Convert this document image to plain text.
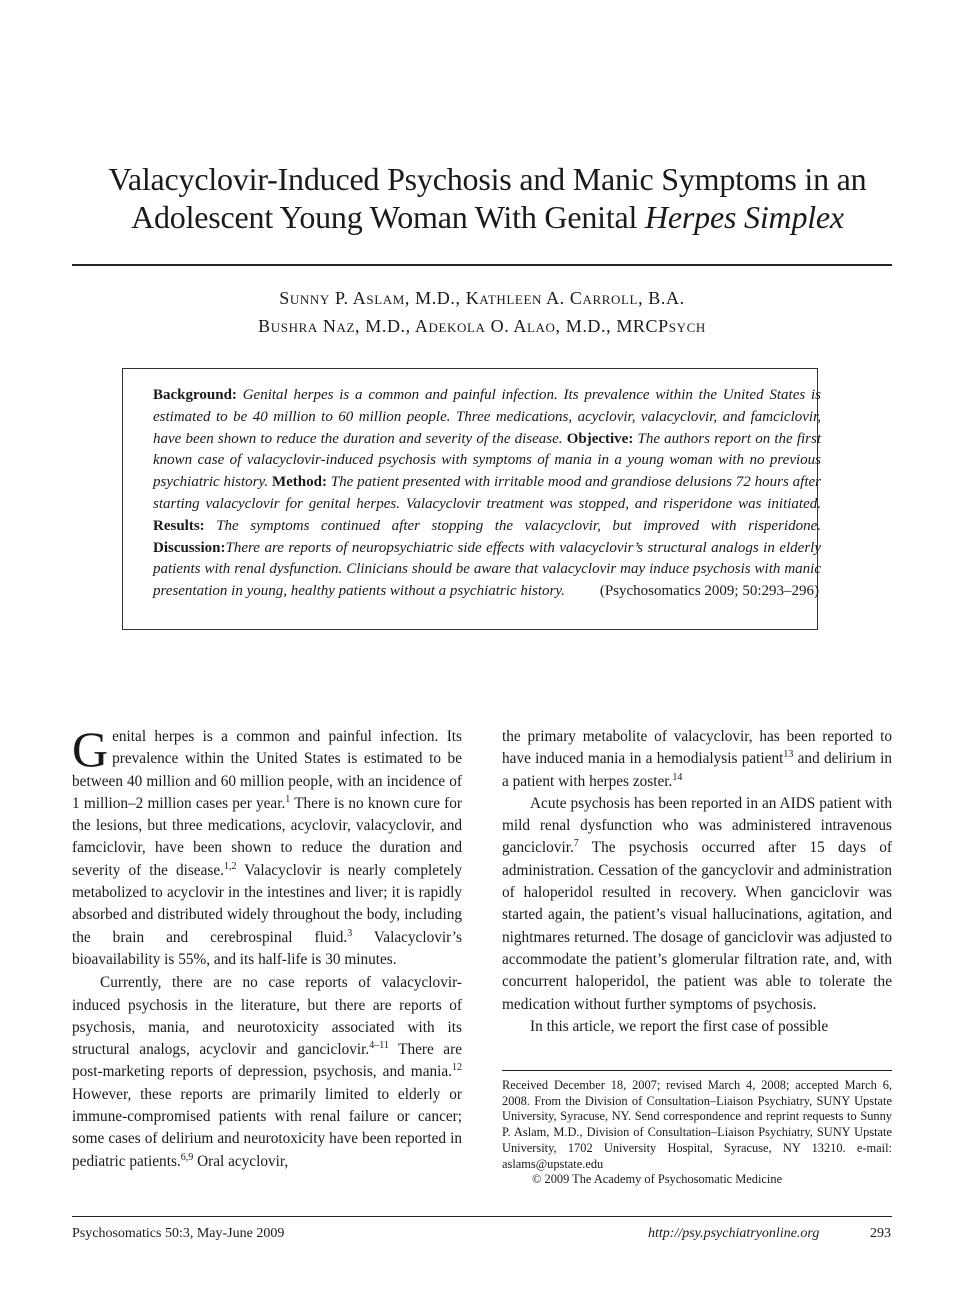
Valacyclovir-Induced Psychosis and Manic Symptoms in an
Adolescent Young Woman With Genital Herpes Simplex
Sunny P. Aslam, M.D., Kathleen A. Carroll, B.A.
Bushra Naz, M.D., Adekola O. Alao, M.D., MRCPsych

Background: Genital herpes is a common and painful infection. Its prevalence within the United States is estimated to be 40 million to 60 million people. Three medications, acyclovir, valacyclovir, and famciclovir, have been shown to reduce the duration and severity of the disease. Objective: The authors report on the first known case of valacyclovir-induced psychosis with symptoms of mania in a young woman with no previous psychiatric history. Method: The patient presented with irritable mood and grandiose delusions 72 hours after starting valacyclovir for genital herpes. Valacyclovir treatment was stopped, and risperidone was initiated. Results: The symptoms continued after stopping the valacyclovir, but improved with risperidone. Discussion:There are reports of neuropsychiatric side effects with valacyclovir’s structural analogs in elderly patients with renal dysfunction. Clinicians should be aware that valacyclovir may induce psychosis with manic presentation in young, healthy patients without a psychiatric history. (Psychosomatics 2009; 50:293–296)

Genital herpes is a common and painful infection. Its prevalence within the United States is estimated to be between 40 million and 60 million people, with an incidence of 1 million–2 million cases per year.$^1$ There is no known cure for the lesions, but three medications, acyclovir, valacyclovir, and famciclovir, have been shown to reduce the duration and severity of the disease.$^{1,2}$ Valacyclovir is nearly completely metabolized to acyclovir in the intestines and liver; it is rapidly absorbed and distributed widely throughout the body, including the brain and cerebrospinal fluid.$^3$ Valacyclovir’s bioavailability is 55%, and its half-life is 30 minutes.

Currently, there are no case reports of valacyclovir-induced psychosis in the literature, but there are reports of psychosis, mania, and neurotoxicity associated with its structural analogs, acyclovir and ganciclovir.$^{4-11}$ There are post-marketing reports of depression, psychosis, and mania.$^{12}$ However, these reports are primarily limited to elderly or immune-compromised patients with renal failure or cancer; some cases of delirium and neurotoxicity have been reported in pediatric patients.$^{6,9}$ Oral acyclovir,

the primary metabolite of valacyclovir, has been reported to have induced mania in a hemodialysis patient$^{13}$ and delirium in a patient with herpes zoster.$^{14}$

Acute psychosis has been reported in an AIDS patient with mild renal dysfunction who was administered intravenous ganciclovir.$^7$ The psychosis occurred after 15 days of administration. Cessation of the gancyclovir and administration of haloperidol resulted in recovery. When ganciclovir was started again, the patient’s visual hallucinations, agitation, and nightmares returned. The dosage of ganciclovir was adjusted to accommodate the patient’s glomerular filtration rate, and, with concurrent haloperidol, the patient was able to tolerate the medication without further symptoms of psychosis.

In this article, we report the first case of possible

Received December 18, 2007; revised March 4, 2008; accepted March 6, 2008. From the Division of Consultation–Liaison Psychiatry, SUNY Upstate University, Syracuse, NY. Send correspondence and reprint requests to Sunny P. Aslam, M.D., Division of Consultation–Liaison Psychiatry, SUNY Upstate University, 1702 University Hospital, Syracuse, NY 13210. e-mail: aslams@upstate.edu

© 2009 The Academy of Psychosomatic Medicine

Psychosomatics 50:3, May-June 2009	http://psy.psychiatryonline.org	293
